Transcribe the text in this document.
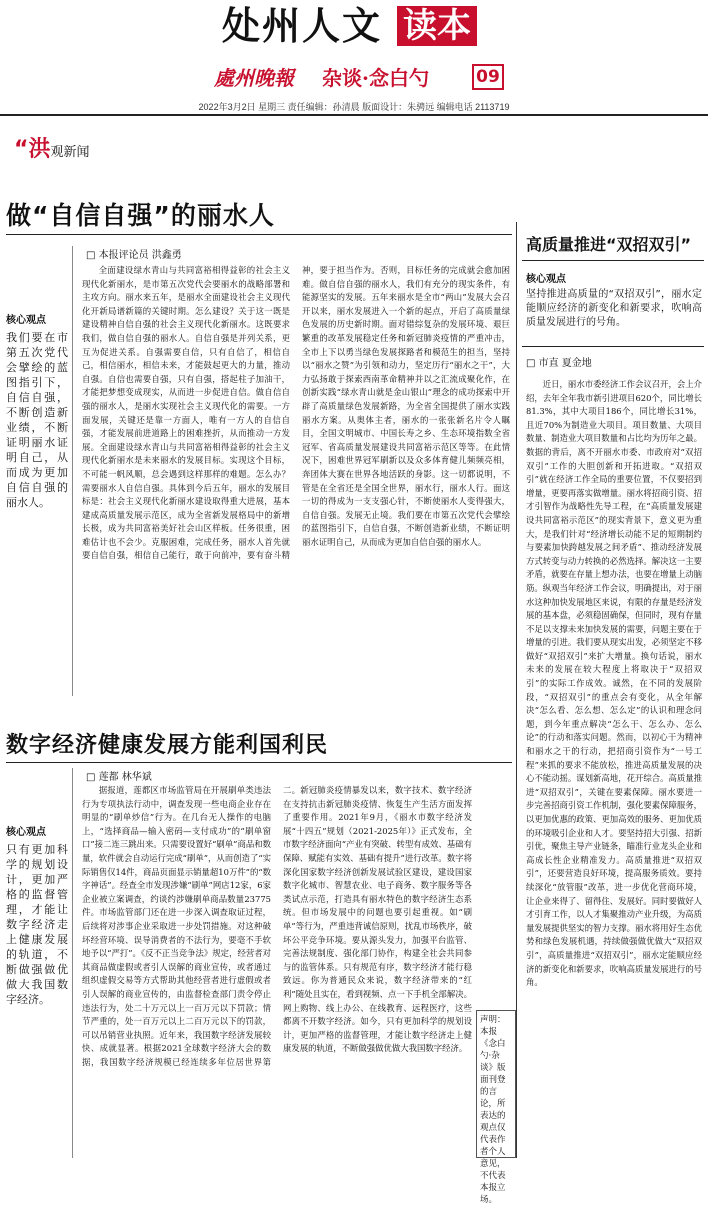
处州人文 读本
處州晚報 杂谈·念白勺	09
2022年3月2日 星期三 责任编辑：孙清晨 版面设计：朱骋远 编辑电话 2113719
“洪观新闻
做“自信自强”的丽水人
□ 本报评论员 洪鑫勇
核心观点
我们要在市第五次党代会擘绘的蓝图指引下，自信自强，不断创造新业绩，不断证明丽水证明自己，从而成为更加自信自强的丽水人。
全面建设绿水青山与共同富裕相得益彰的社会主义现代化新丽水，是市第五次党代会要丽水的战略部署和主攻方向。丽水来五年，是丽水全面建设社会主义现代化开新局谱新篇的关键时期。怎么建设？关于这一既是建设精神自信自强的社会主义现代化新丽水。这既要求我们，做自信自强的丽水人。自信自强是并列关系，更互为促进关系。自强需要自信，只有自信了，相信自己，相信丽水，相信未来，才能鼓起更大的力量，推动自强。自信也需要自强，只有自强，搭起柱子加油干，才能把梦想变成现实，从而进一步促进自信。做自信自强的丽水人，是丽水实现社会主义现代化的需要。一方面发展，关键还是靠一方面人，唯有一方人的自信自强，才能发展前进道路上的困难挫折，从而推动一方发展。全面建设绿水青山与共同富裕相得益彰的社会主义现代化新丽水是未来丽水的发展目标。实现这个目标，不可能一帆风顺，总会遇到这样那样的难题。怎么办？需要丽水人自信自强。具体到今后五年，丽水的发展目标是：社会主义现代化新丽水建设取得重大进展，基本建成高质量发展示范区，成为全省新发展格局中的新增长极，成为共同富裕美好社会山区样板。任务很重，困难估计也不会少。克服困难，完成任务，丽水人首先就要自信自强，相信自己能行，敢于向前冲，要有奋斗精神，要于担当作为。否则，目标任务的完成就会愈加困难。做自信自强的丽水人，我们有充分的现实条件，有能源坚实的发展。五年来丽水是全市“两山”发展大会召开以来，丽水发展进入一个新的起点，开启了高质量绿色发展的历史新时期。面对错综复杂的发展环境、艰巨繁重的改革发展稳定任务和新冠肺炎疫情的严重冲击，全市上下以勇当绿色发展探路者和模范生的担当，坚持以“丽水之赞”为引领和动力，坚定历行“丽水之干”，大力弘扬敢于探索西南革命精神并以之汇流成聚化作，在创新实践“绿水青山就是金山银山”理念的成功探索中开辟了高质量绿色发展新路，为全省全国提供了丽水实践丽水方案。从奥体主者，丽水的一张张新名片令人瞩目，全国文明城市、中国长寿之乡、生态环境指数全省冠军、省高质量发展建设共同富裕示范区等等。在此情况下，困难世界冠军刷新以及众多体育健儿频频亮相，奔团体大赛在世界各地活跃的身影。这一切都说明，不管是在全省还是全国全世界，丽水行，丽水人行。面这一切的得成为一支支强心针，不断使丽水人变得强大，自信自强。发展无止境。我们要在市第五次党代会擘绘的蓝图指引下，自信自强，不断创造新业绩，不断证明丽水证明自己，从而成为更加自信自强的丽水人。
数字经济健康发展方能利国利民
□ 莲都 林华斌
核心观点
只有更加科学的规划设计，更加严格的监督管理，才能让数字经济走上健康发展的轨道，不断做强做优做大我国数字经济。
据报道，莲都区市场监管局在开展刷单类违法行为专项执法行动中，调查发现一些电商企业存在明显的“刷单炒信”行为。在几台无人操作的电脑上，“选择商品—输入密码—支付成功”的“刷单窗口”接二连三跳出来。只需要设置好“刷单”商品和数量，软件就会自动运行完成“刷单”，从而创造了“实际销售仅14件，商品页面显示销量超10万件”的“数字神话”。经查全市发现涉嫌“刷单”网店12家，6家企业被立案调查，约谈约涉嫌刷单商品数量23775件。市场监管部门还在进一步深入调查取证过程，后续将对涉事企业采取进一步处罚措施。对这种破坏经营环境、误导消费者的不法行为，要毫不手软地予以“严打”。《反不正当竞争法》规定，经营者对其商品做虚假或者引人误解的商业宣传，或者通过组织虚假交易等方式帮助其他经营者进行虚假或者引人误解的商业宣传的，由监督检查部门责令停止违法行为，处二十万元以上一百万元以下罚款；情节严重的，处一百万元以上二百万元以下的罚款，可以吊销营业执照。近年来，我国数字经济发展较快、成就显著。根据2021全球数字经济大会的数据，我国数字经济规模已经连续多年位居世界第二。新冠肺炎疫情暴发以来，数字技术、数字经济在支持抗击新冠肺炎疫情、恢复生产生活方面发挥了重要作用。2021年9月，《丽水市数字经济发展“十四五”规划（2021-2025年）》正式发布，全市数字经济面向“产业有突破、转型有成效、基础有保障、赋能有实效、基础有提升”进行改革。数字将深化国家数字经济创新发展试验区建设，建设国家数字化城市、智慧农业、电子商务、数字服务等各类试点示范，打造具有丽水特色的数字经济生态系统。但市场发展中的问题也要引起重视。如“刷单”等行为，严重违背诚信原则，扰乱市场秩序，破坏公平竞争环境。要从源头发力，加强平台监管、完善法规制度、强化部门协作，构建全社会共同参与的监管体系。只有规范有序，数字经济才能行稳致远。你为普通民众来说，数字经济带来的“红利”随处且实在，看到视频、点一下手机全部解决。网上购物、线上办公、在线教育、远程医疗，这些都离不开数字经济。如今，只有更加科学的规划设计，更加严格的监督管理，才能让数字经济走上健康发展的轨道，不断做强做优做大我国数字经济。
声明：本报《念白勺·杂谈》版面刊登的言论，所表达的观点仅代表作者个人意见，不代表本报立场。
高质量推进“双招双引”
核心观点
坚持推进高质量的“双招双引”，丽水定能顺应经济的新变化和新要求，吹响高质量发展进行的号角。
□ 市直 夏金地
近日，丽水市委经济工作会议召开，会上介绍，去年全年我市新引进项目620个，同比增长81.3%，其中大项目186个，同比增长31%，且近70%为制造业大项目。项目数量、大项目数量、制造业大项目数量和占比均为历年之最。数据的背后，离不开丽水市委、市政府对“双招双引”工作的大胆创新和开拓进取。“双招双引”就在经济工作全局的重要位置，不仅要招到增量，更要再落实做增量。丽水将招商引资、招才引智作为战略性先导工程，在“高质量发展建设共同富裕示范区”的现实背景下，意义更为重大，是我们针对“经济增长动能不足的短期制约与要素加快跨越发展之间矛盾”、推动经济发展方式转变与动力转换的必然选择。解决这一主要矛盾，就要在存量上想办法，也要在增量上动脑筋。纵观当年经济工作会议，明确提出，对于丽水这种加快发展地区来说，有限的存量是经济发展的基本盘，必须稳固确保，但同时，现有存量不足以支撑未来加快发展的需要，问题主要在于增量的引进。我们要从现实出发，必须坚定不移做好“双招双引”来扩大增量。换句话说，丽水未来的发展在较大程度上将取决于“双招双引”的实际工作成效。诚然，在不同的发展阶段，“双招双引”的重点会有变化，从全年解决“怎么看、怎么想、怎么定”的认识和理念问题，到今年重点解决“怎么干、怎么办、怎么论”的行动和落实问题。然而，以初心干为精神和丽水之干的行动，把招商引资作为“一号工程”来抓的要求不能放松，推进高质量发展的决心不能动摇。谋划新高地，花开综合。高质量推进“双招双引”，关键在要素保障。丽水要进一步完善招商引资工作机制，强化要素保障服务，以更加优惠的政策、更加高效的服务、更加优质的环境吸引企业和人才。要坚持招大引强、招新引优，聚焦主导产业链条，瞄准行业龙头企业和高成长性企业精准发力。高质量推进“双招双引”，还要营造良好环境，提高服务质效。要持续深化“放管服”改革，进一步优化营商环境，让企业来得了、留得住、发展好。同时要做好人才引育工作，以人才集聚推动产业升级，为高质量发展提供坚实的智力支撑。丽水将用好生态优势和绿色发展机遇，持续做强做优做大“双招双引”，高质量推进“双招双引”，丽水定能顺应经济的新变化和新要求，吹响高质量发展进行的号角。
